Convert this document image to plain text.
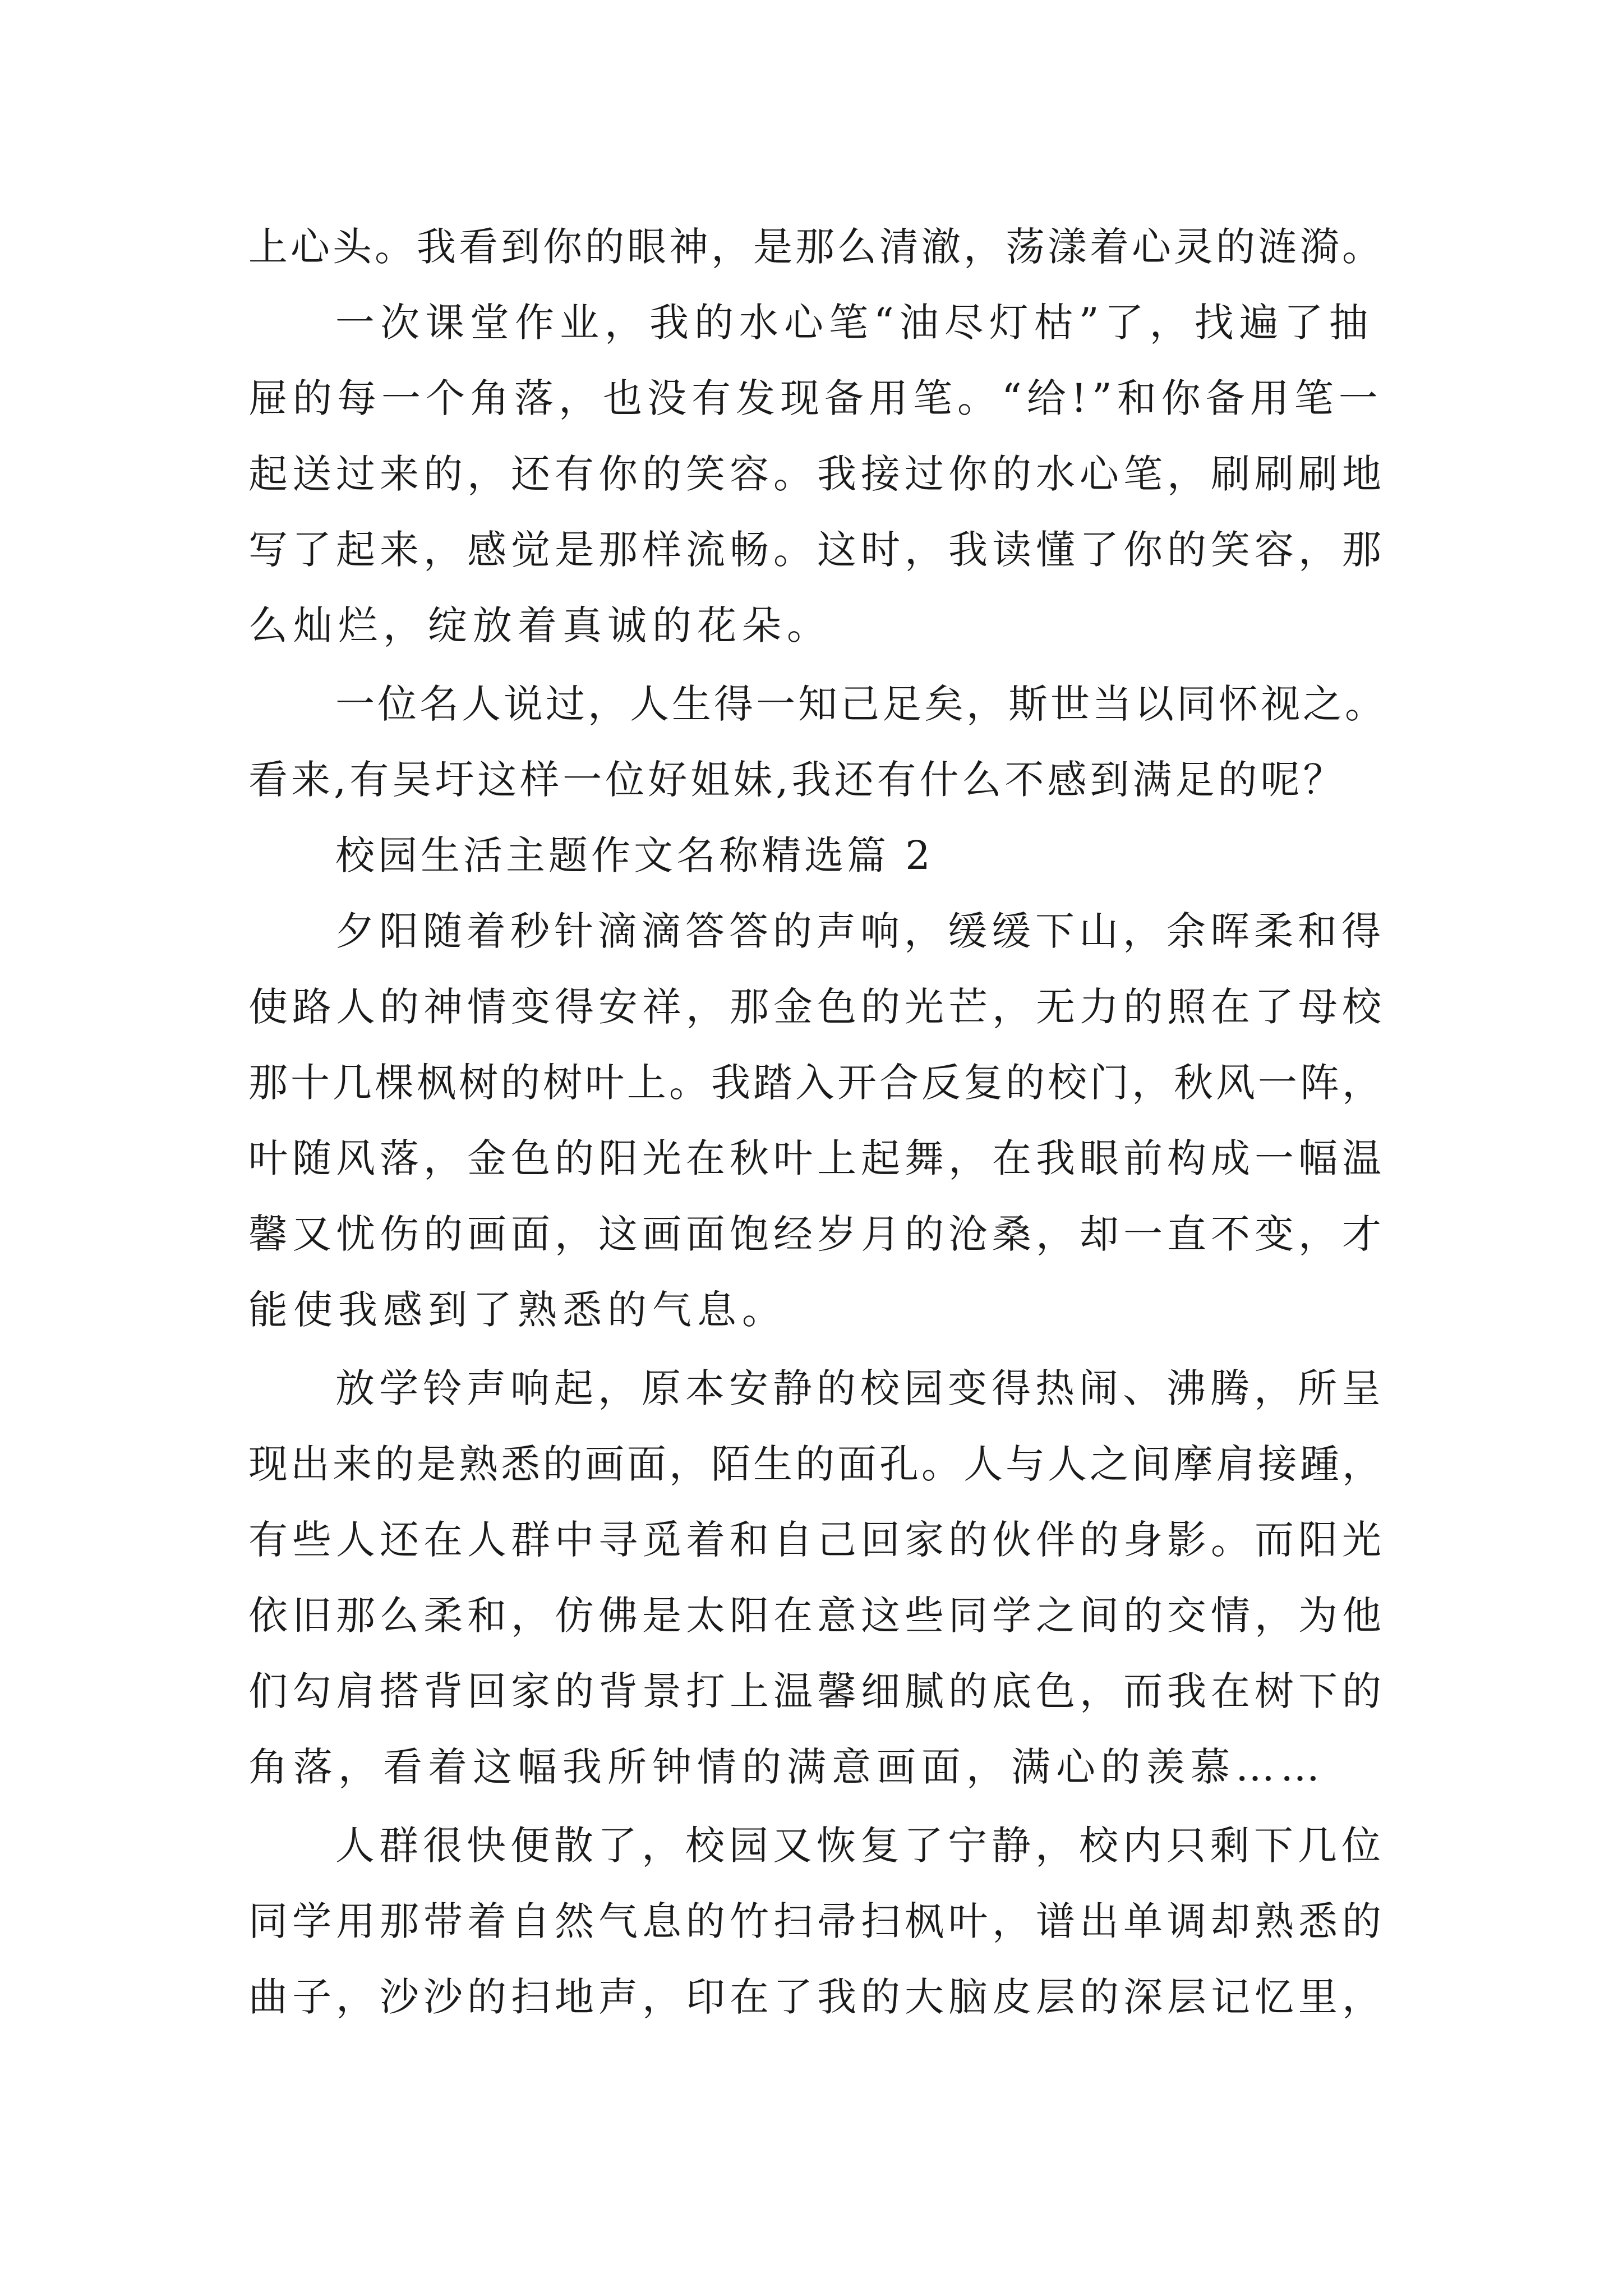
上心头。我看到你的眼神，是那么清澈，荡漾着心灵的涟漪。
一次课堂作业，我的水心笔“油尽灯枯”了，找遍了抽
屉的每一个角落，也没有发现备用笔。“给!”和你备用笔一
起送过来的，还有你的笑容。我接过你的水心笔，刷刷刷地
写了起来，感觉是那样流畅。这时，我读懂了你的笑容，那
么灿烂，绽放着真诚的花朵。
一位名人说过，人生得一知己足矣，斯世当以同怀视之。
看来,有吴圩这样一位好姐妹,我还有什么不感到满足的呢？
校园生活主题作文名称精选篇 2
夕阳随着秒针滴滴答答的声响，缓缓下山，余晖柔和得
使路人的神情变得安祥，那金色的光芒，无力的照在了母校
那十几棵枫树的树叶上。我踏入开合反复的校门，秋风一阵，
叶随风落，金色的阳光在秋叶上起舞，在我眼前构成一幅温
馨又忧伤的画面，这画面饱经岁月的沧桑，却一直不变，才
能使我感到了熟悉的气息。
放学铃声响起，原本安静的校园变得热闹、沸腾，所呈
现出来的是熟悉的画面，陌生的面孔。人与人之间摩肩接踵，
有些人还在人群中寻觅着和自己回家的伙伴的身影。而阳光
依旧那么柔和，仿佛是太阳在意这些同学之间的交情，为他
们勾肩搭背回家的背景打上温馨细腻的底色，而我在树下的
角落，看着这幅我所钟情的满意画面，满心的羡慕……
人群很快便散了，校园又恢复了宁静，校内只剩下几位
同学用那带着自然气息的竹扫帚扫枫叶，谱出单调却熟悉的
曲子，沙沙的扫地声，印在了我的大脑皮层的深层记忆里，
